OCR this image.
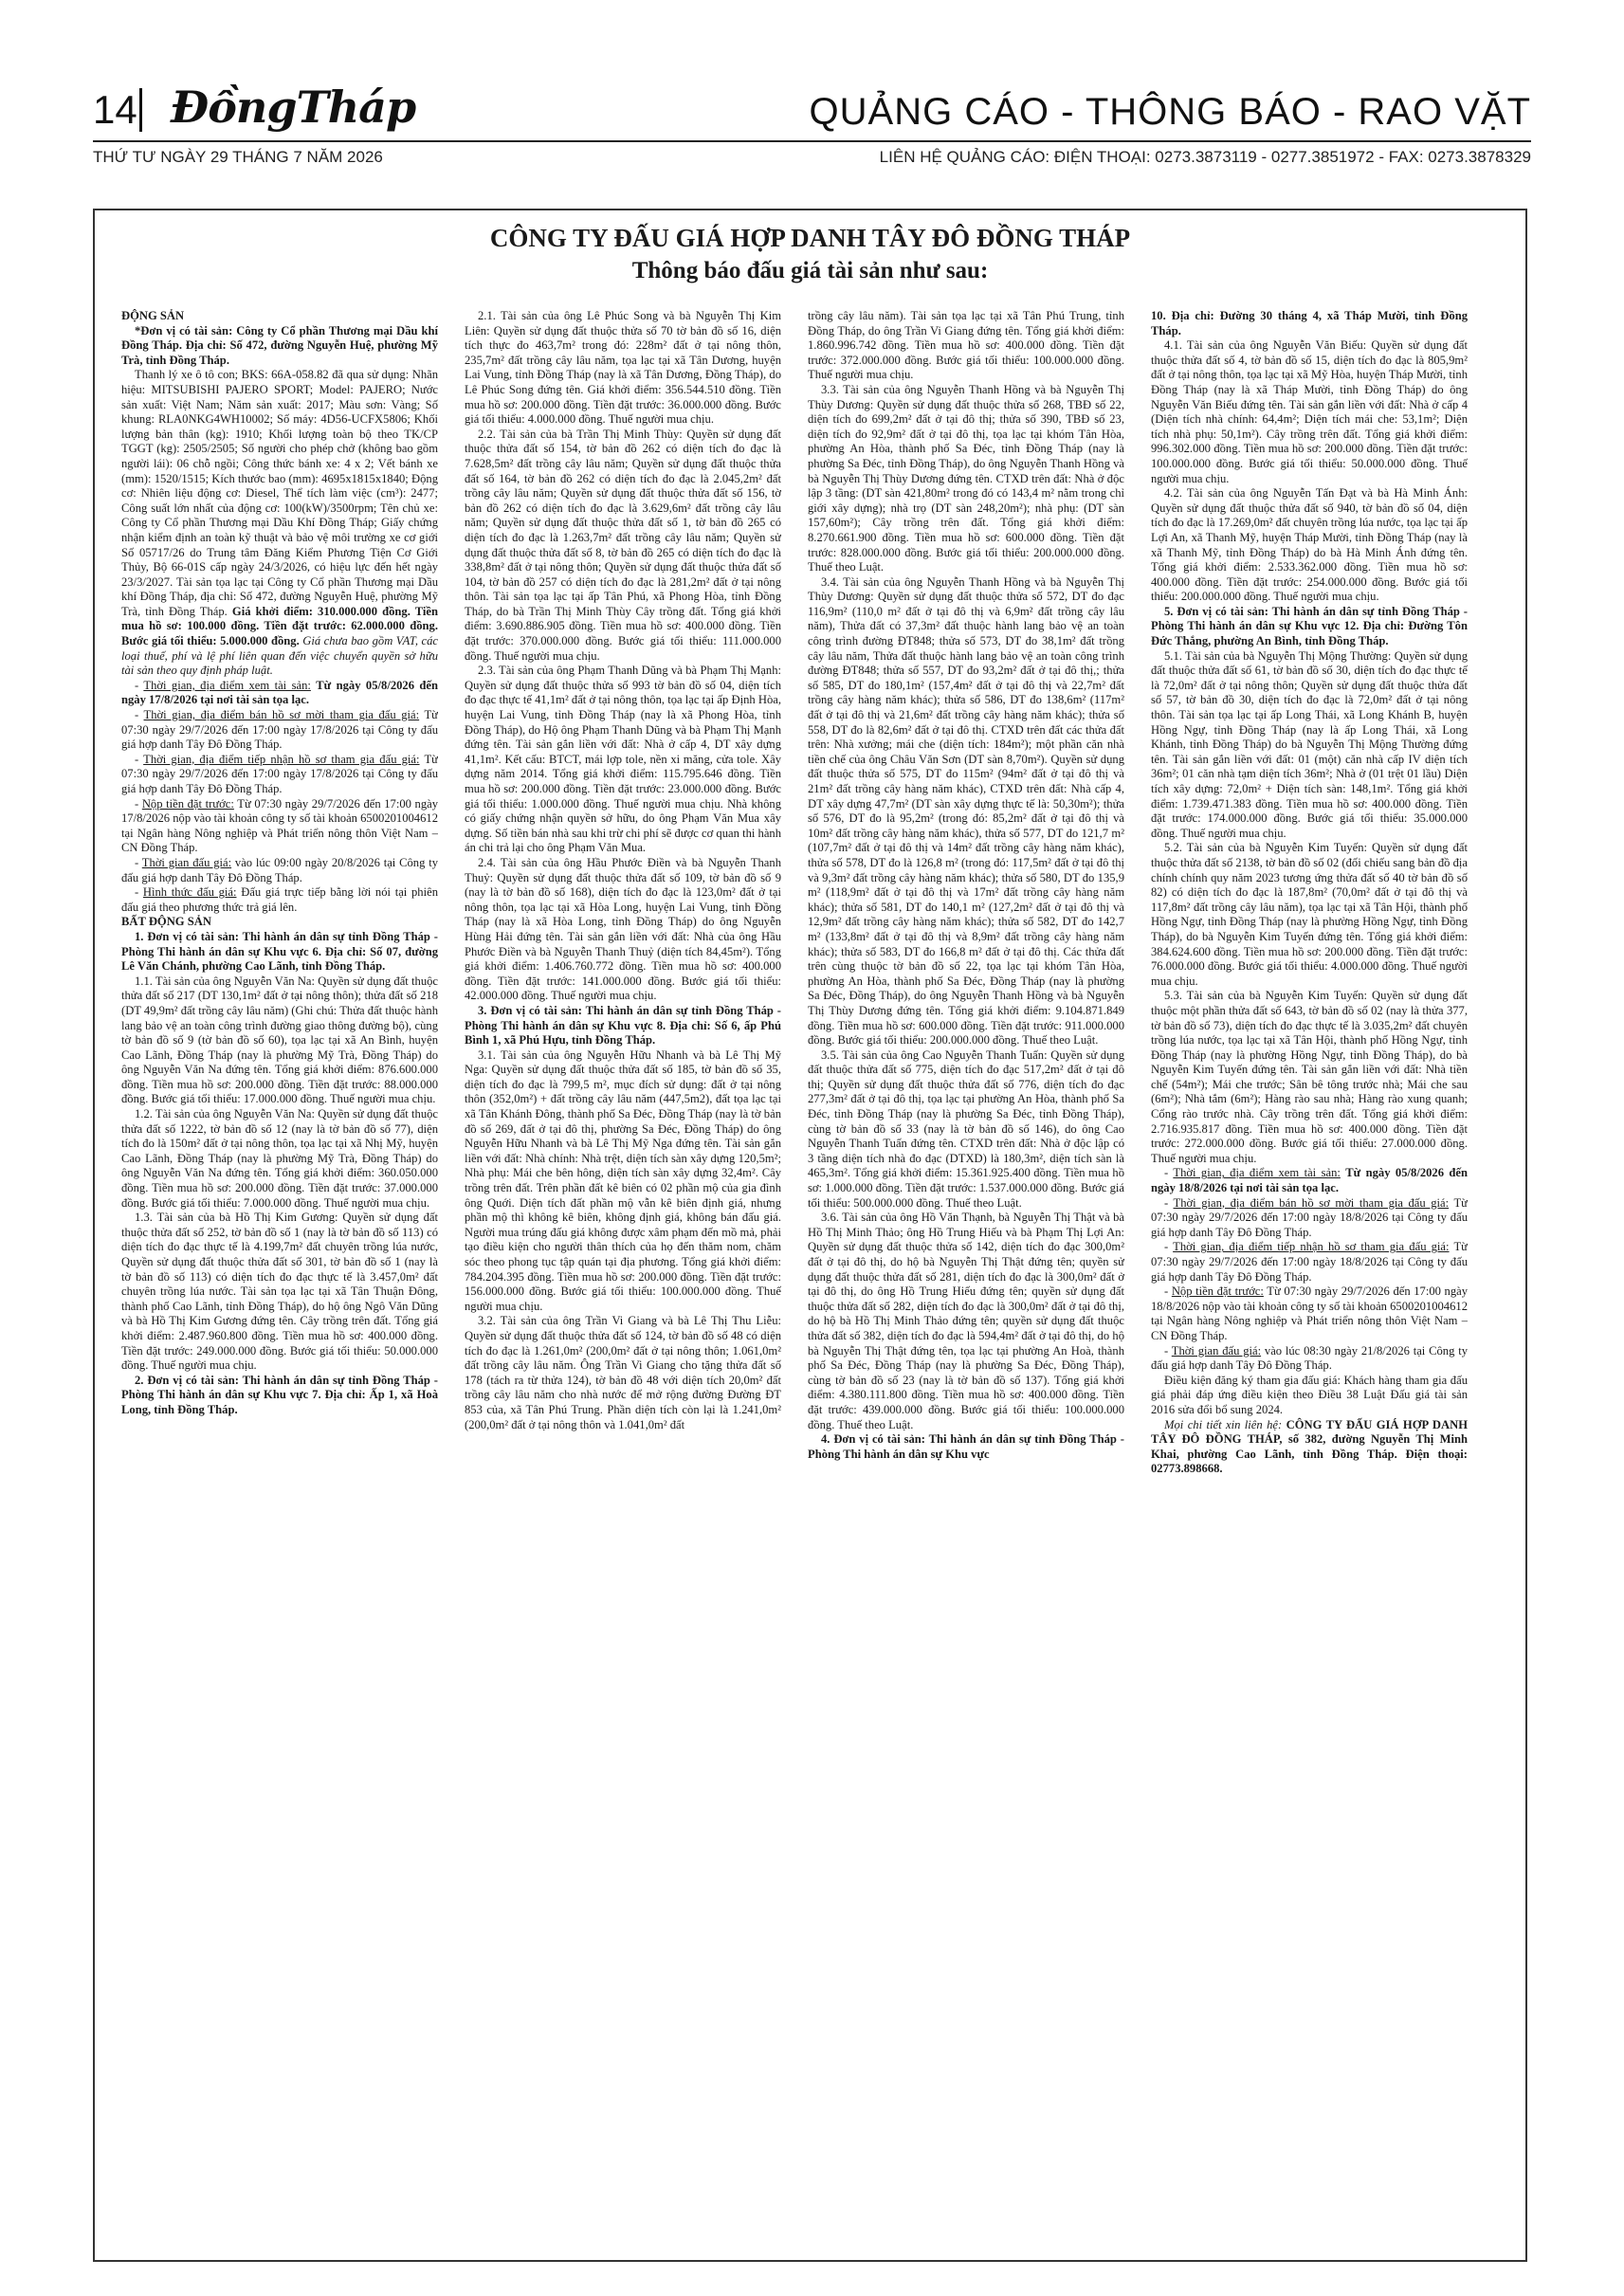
14 ĐồngTháp	QUẢNG CÁO - THÔNG BÁO - RAO VẶT
THỨ TƯ NGÀY 29 THÁNG 7 NĂM 2026	LIÊN HỆ QUẢNG CÁO: ĐIỆN THOẠI: 0273.3873119 - 0277.3851972 - FAX: 0273.3878329
CÔNG TY ĐẤU GIÁ HỢP DANH TÂY ĐÔ ĐỒNG THÁP
Thông báo đấu giá tài sản như sau:

ĐỘNG SẢN

*Đơn vị có tài sản: Công ty Cổ phần Thương mại Dầu khí Đồng Tháp. Địa chỉ: Số 472, đường Nguyễn Huệ, phường Mỹ Trà, tỉnh Đồng Tháp.

Thanh lý xe ô tô con; BKS: 66A-058.82 đã qua sử dụng: Nhãn hiệu: MITSUBISHI PAJERO SPORT; Model: PAJERO; Nước sản xuất: Việt Nam; Năm sản xuất: 2017; Màu sơn: Vàng; Số khung: RLA0NKG4WH10002; Số máy: 4D56-UCFX5806; Khối lượng bản thân (kg): 1910; Khối lượng toàn bộ theo TK/CP TGGT (kg): 2505/2505; Số người cho phép chở (không bao gồm người lái): 06 chỗ ngồi; Công thức bánh xe: 4 x 2; Vết bánh xe (mm): 1520/1515; Kích thước bao (mm): 4695x1815x1840; Động cơ: Nhiên liệu động cơ: Diesel, Thể tích làm việc (cm³): 2477; Công suất lớn nhất của động cơ: 100(kW)/3500rpm; Tên chủ xe: Công ty Cổ phần Thương mại Dầu Khí Đồng Tháp; Giấy chứng nhận kiểm định an toàn kỹ thuật và bảo vệ môi trường xe cơ giới Số 05717/26 do Trung tâm Đăng Kiểm Phương Tiện Cơ Giới Thủy, Bộ 66-01S cấp ngày 24/3/2026, có hiệu lực đến hết ngày 23/3/2027. Tài sản tọa lạc tại Công ty Cổ phần Thương mại Dầu khí Đồng Tháp, địa chỉ: Số 472, đường Nguyễn Huệ, phường Mỹ Trà, tỉnh Đồng Tháp. Giá khởi điểm: 310.000.000 đồng. Tiền mua hồ sơ: 100.000 đồng. Tiền đặt trước: 62.000.000 đồng. Bước giá tối thiểu: 5.000.000 đồng. Giá chưa bao gồm VAT, các loại thuế, phí và lệ phí liên quan đến việc chuyển quyền sở hữu tài sản theo quy định pháp luật.

- Thời gian, địa điểm xem tài sản: Từ ngày 05/8/2026 đến ngày 17/8/2026 tại nơi tài sản tọa lạc.

- Thời gian, địa điểm bán hồ sơ mời tham gia đấu giá: Từ 07:30 ngày 29/7/2026 đến 17:00 ngày 17/8/2026 tại Công ty đấu giá hợp danh Tây Đô Đồng Tháp.

- Thời gian, địa điểm tiếp nhận hồ sơ tham gia đấu giá: Từ 07:30 ngày 29/7/2026 đến 17:00 ngày 17/8/2026 tại Công ty đấu giá hợp danh Tây Đô Đồng Tháp.

- Nộp tiền đặt trước: Từ 07:30 ngày 29/7/2026 đến 17:00 ngày 17/8/2026 nộp vào tài khoản công ty số tài khoản 6500201004612 tại Ngân hàng Nông nghiệp và Phát triển nông thôn Việt Nam – CN Đồng Tháp.

- Thời gian đấu giá: vào lúc 09:00 ngày 20/8/2026 tại Công ty đấu giá hợp danh Tây Đô Đồng Tháp.

- Hình thức đấu giá: Đấu giá trực tiếp bằng lời nói tại phiên đấu giá theo phương thức trả giá lên.

BẤT ĐỘNG SẢN

1. Đơn vị có tài sản: Thi hành án dân sự tỉnh Đồng Tháp - Phòng Thi hành án dân sự Khu vực 6. Địa chỉ: Số 07, đường Lê Văn Chánh, phường Cao Lãnh, tỉnh Đồng Tháp.

1.1. Tài sản của ông Nguyễn Văn Na: Quyền sử dụng đất thuộc thửa đất số 217 (DT 130,1m² đất ở tại nông thôn); thửa đất số 218 (DT 49,9m² đất trồng cây lâu năm) (Ghi chú: Thửa đất thuộc hành lang bảo vệ an toàn công trình đường giao thông đường bộ), cùng tờ bản đồ số 9 (tờ bản đồ số 60), tọa lạc tại xã An Bình, huyện Cao Lãnh, Đồng Tháp (nay là phường Mỹ Trà, Đồng Tháp) do ông Nguyễn Văn Na đứng tên. Tổng giá khởi điểm: 876.600.000 đồng. Tiền mua hồ sơ: 200.000 đồng. Tiền đặt trước: 88.000.000 đồng. Bước giá tối thiểu: 17.000.000 đồng. Thuế người mua chịu.

1.2. Tài sản của ông Nguyễn Văn Na: Quyền sử dụng đất thuộc thửa đất số 1222, tờ bản đồ số 12 (nay là tờ bản đồ số 77), diện tích đo là 150m² đất ở tại nông thôn, tọa lạc tại xã Nhị Mỹ, huyện Cao Lãnh, Đồng Tháp (nay là phường Mỹ Trà, Đồng Tháp) do ông Nguyễn Văn Na đứng tên. Tổng giá khởi điểm: 360.050.000 đồng. Tiền mua hồ sơ: 200.000 đồng. Tiền đặt trước: 37.000.000 đồng. Bước giá tối thiểu: 7.000.000 đồng. Thuế người mua chịu.

1.3. Tài sản của bà Hồ Thị Kim Gương: Quyền sử dụng đất thuộc thửa đất số 252, tờ bản đồ số 1 (nay là tờ bản đồ số 113) có diện tích đo đạc thực tế là 4.199,7m² đất chuyên trồng lúa nước, Quyền sử dụng đất thuộc thửa đất số 301, tờ bản đồ số 1 (nay là tờ bản đồ số 113) có diện tích đo đạc thực tế là 3.457,0m² đất chuyên trồng lúa nước. Tài sản tọa lạc tại xã Tân Thuận Đông, thành phố Cao Lãnh, tỉnh Đồng Tháp), do hộ ông Ngô Văn Dũng và bà Hồ Thị Kim Gương đứng tên. Cây trồng trên đất. Tổng giá khởi điểm: 2.487.960.800 đồng. Tiền mua hồ sơ: 400.000 đồng. Tiền đặt trước: 249.000.000 đồng. Bước giá tối thiểu: 50.000.000 đồng. Thuế người mua chịu.

2. Đơn vị có tài sản: Thi hành án dân sự tỉnh Đồng Tháp - Phòng Thi hành án dân sự Khu vực 7. Địa chỉ: Ấp 1, xã Hoà Long, tỉnh Đồng Tháp.

2.1. Tài sản của ông Lê Phúc Song và bà Nguyễn Thị Kim Liên: Quyền sử dụng đất thuộc thửa số 70 tờ bản đồ số 16, diện tích thực đo 463,7m² trong đó: 228m² đất ở tại nông thôn, 235,7m² đất trồng cây lâu năm, tọa lạc tại xã Tân Dương, huyện Lai Vung, tỉnh Đồng Tháp (nay là xã Tân Dương, Đồng Tháp), do Lê Phúc Song đứng tên. Giá khởi điểm: 356.544.510 đồng. Tiền mua hồ sơ: 200.000 đồng. Tiền đặt trước: 36.000.000 đồng. Bước giá tối thiểu: 4.000.000 đồng. Thuế người mua chịu.

2.2. Tài sản của bà Trần Thị Minh Thùy: Quyền sử dụng đất thuộc thửa đất số 154, tờ bản đồ 262 có diện tích đo đạc là 7.628,5m² đất trồng cây lâu năm; Quyền sử dụng đất thuộc thửa đất số 164, tờ bản đồ 262 có diện tích đo đạc là 2.045,2m² đất trồng cây lâu năm; Quyền sử dụng đất thuộc thửa đất số 156, tờ bản đồ 262 có diện tích đo đạc là 3.629,6m² đất trồng cây lâu năm; Quyền sử dụng đất thuộc thửa đất số 1, tờ bản đồ 265 có diện tích đo đạc là 1.263,7m² đất trồng cây lâu năm; Quyền sử dụng đất thuộc thửa đất số 8, tờ bản đồ 265 có diện tích đo đạc là 338,8m² đất ở tại nông thôn; Quyền sử dụng đất thuộc thửa đất số 104, tờ bản đồ 257 có diện tích đo đạc là 281,2m² đất ở tại nông thôn. Tài sản tọa lạc tại ấp Tân Phú, xã Phong Hòa, tỉnh Đồng Tháp, do bà Trần Thị Minh Thùy Cây trồng đất. Tổng giá khởi điểm: 3.690.886.905 đồng. Tiền mua hồ sơ: 400.000 đồng. Tiền đặt trước: 370.000.000 đồng. Bước giá tối thiểu: 111.000.000 đồng. Thuế người mua chịu.

2.3. Tài sản của ông Phạm Thanh Dũng và bà Phạm Thị Mạnh: Quyền sử dụng đất thuộc thửa số 993 tờ bản đồ số 04, diện tích đo đạc thực tế 41,1m² đất ở tại nông thôn, tọa lạc tại ấp Định Hòa, huyện Lai Vung, tỉnh Đồng Tháp (nay là xã Phong Hòa, tỉnh Đồng Tháp), do Hộ ông Phạm Thanh Dũng và bà Phạm Thị Mạnh đứng tên. Tài sản gắn liền với đất: Nhà ở cấp 4, DT xây dựng 41,1m². Kết cấu: BTCT, mái lợp tole, nền xi măng, cửa tole. Xây dựng năm 2014. Tổng giá khởi điểm: 115.795.646 đồng. Tiền mua hồ sơ: 200.000 đồng. Tiền đặt trước: 23.000.000 đồng. Bước giá tối thiểu: 1.000.000 đồng. Thuế người mua chịu. Nhà không có giấy chứng nhận quyền sở hữu, do ông Phạm Văn Mua xây dựng. Số tiền bán nhà sau khi trừ chi phí sẽ được cơ quan thi hành án chi trả lại cho ông Phạm Văn Mua.

2.4. Tài sản của ông Hầu Phước Điền và bà Nguyễn Thanh Thuỷ: Quyền sử dụng đất thuộc thửa đất số 109, tờ bản đồ số 9 (nay là tờ bản đồ số 168), diện tích đo đạc là 123,0m² đất ở tại nông thôn, tọa lạc tại xã Hòa Long, huyện Lai Vung, tỉnh Đồng Tháp (nay là xã Hòa Long, tỉnh Đồng Tháp) do ông Nguyễn Hùng Hải đứng tên. Tài sản gắn liền với đất: Nhà của ông Hầu Phước Điền và bà Nguyễn Thanh Thuỷ (diện tích 84,45m²). Tổng giá khởi điểm: 1.406.760.772 đồng. Tiền mua hồ sơ: 400.000 đồng. Tiền đặt trước: 141.000.000 đồng. Bước giá tối thiểu: 42.000.000 đồng. Thuế người mua chịu.

3. Đơn vị có tài sản: Thi hành án dân sự tỉnh Đồng Tháp - Phòng Thi hành án dân sự Khu vực 8. Địa chỉ: Số 6, ấp Phú Bình 1, xã Phú Hựu, tỉnh Đồng Tháp.

3.1. Tài sản của ông Nguyễn Hữu Nhanh và bà Lê Thị Mỹ Nga: Quyền sử dụng đất thuộc thửa đất số 185, tờ bản đồ số 35, diện tích đo đạc là 799,5 m², mục đích sử dụng: đất ở tại nông thôn (352,0m²) + đất trồng cây lâu năm (447,5m2), đất tọa lạc tại xã Tân Khánh Đông, thành phố Sa Đéc, Đồng Tháp (nay là tờ bản đồ số 269, đất ở tại đô thị, phường Sa Đéc, Đồng Tháp) do ông Nguyễn Hữu Nhanh và bà Lê Thị Mỹ Nga đứng tên. Tài sản gắn liền với đất: Nhà chính: Nhà trệt, diện tích sàn xây dựng 120,5m²; Nhà phụ: Mái che bên hông, diện tích sàn xây dựng 32,4m². Cây trồng trên đất. Trên phần đất kê biên có 02 phần mộ của gia đình ông Quới. Diện tích đất phần mộ vẫn kê biên định giá, nhưng phần mộ thì không kê biên, không định giá, không bán đấu giá. Người mua trúng đấu giá không được xâm phạm đến mồ mả, phải tạo điều kiện cho người thân thích của họ đến thăm nom, chăm sóc theo phong tục tập quán tại địa phương. Tổng giá khởi điểm: 784.204.395 đồng. Tiền mua hồ sơ: 200.000 đồng. Tiền đặt trước: 156.000.000 đồng. Bước giá tối thiểu: 100.000.000 đồng. Thuế người mua chịu.

3.2. Tài sản của ông Trần Vi Giang và bà Lê Thị Thu Liễu: Quyền sử dụng đất thuộc thửa đất số 124, tờ bản đồ số 48 có diện tích đo đạc là 1.261,0m² (200,0m² đất ở tại nông thôn; 1.061,0m² đất trồng cây lâu năm. Ông Trần Vi Giang cho tặng thửa đất số 178 (tách ra từ thửa 124), tờ bản đồ 48 với diện tích 20,0m² đất trồng cây lâu năm cho nhà nước để mở rộng đường Đường ĐT 853 của, xã Tân Phú Trung. Phần diện tích còn lại là 1.241,0m² (200,0m² đất ở tại nông thôn và 1.041,0m² đất

trồng cây lâu năm). Tài sản tọa lạc tại xã Tân Phú Trung, tỉnh Đồng Tháp, do ông Trần Vi Giang đứng tên. Tổng giá khởi điểm: 1.860.996.742 đồng. Tiền mua hồ sơ: 400.000 đồng. Tiền đặt trước: 372.000.000 đồng. Bước giá tối thiểu: 100.000.000 đồng. Thuế người mua chịu.

3.3. Tài sản của ông Nguyễn Thanh Hồng và bà Nguyễn Thị Thùy Dương: Quyền sử dụng đất thuộc thửa số 268, TBĐ số 22, diện tích đo 699,2m² đất ở tại đô thị; thửa số 390, TBĐ số 23, diện tích đo 92,9m² đất ở tại đô thị, tọa lạc tại khóm Tân Hòa, phường An Hòa, thành phố Sa Đéc, tỉnh Đồng Tháp (nay là phường Sa Đéc, tỉnh Đồng Tháp), do ông Nguyễn Thanh Hồng và bà Nguyễn Thị Thùy Dương đứng tên. CTXD trên đất: Nhà ở độc lập 3 tầng: (DT sàn 421,80m² trong đó có 143,4 m² nằm trong chỉ giới xây dựng); nhà trọ (DT sàn 248,20m²); nhà phụ: (DT sàn 157,60m²); Cây trồng trên đất. Tổng giá khởi điểm: 8.270.661.900 đồng. Tiền mua hồ sơ: 600.000 đồng. Tiền đặt trước: 828.000.000 đồng. Bước giá tối thiểu: 200.000.000 đồng. Thuế theo Luật.

3.4. Tài sản của ông Nguyễn Thanh Hồng và bà Nguyễn Thị Thùy Dương: Quyền sử dụng đất thuộc thửa số 572, DT đo đạc 116,9m² (110,0 m² đất ở tại đô thị và 6,9m² đất trồng cây lâu năm), Thửa đất có 37,3m² đất thuộc hành lang bảo vệ an toàn công trình đường ĐT848; thửa số 573, DT đo 38,1m² đất trồng cây lâu năm, Thửa đất thuộc hành lang bảo vệ an toàn công trình đường ĐT848; thửa số 557, DT đo 93,2m² đất ở tại đô thị,; thửa số 585, DT đo 180,1m² (157,4m² đất ở tại đô thị và 22,7m² đất trồng cây hàng năm khác); thửa số 586, DT đo 138,6m² (117m² đất ở tại đô thị và 21,6m² đất trồng cây hàng năm khác); thửa số 558, DT đo là 82,6m² đất ở tại đô thị. CTXD trên đất các thửa đất trên: Nhà xưởng; mái che (diện tích: 184m²); một phần căn nhà tiền chế của ông Châu Văn Sơn (DT sàn 8,70m²). Quyền sử dụng đất thuộc thửa số 575, DT đo 115m² (94m² đất ở tại đô thị và 21m² đất trồng cây hàng năm khác), CTXD trên đất: Nhà cấp 4, DT xây dựng 47,7m² (DT sàn xây dựng thực tế là: 50,30m²); thửa số 576, DT đo là 95,2m² (trong đó: 85,2m² đất ở tại đô thị và 10m² đất trồng cây hàng năm khác), thửa số 577, DT đo 121,7 m² (107,7m² đất ở tại đô thị và 14m² đất trồng cây hàng năm khác), thửa số 578, DT đo là 126,8 m² (trong đó: 117,5m² đất ở tại đô thị và 9,3m² đất trồng cây hàng năm khác); thửa số 580, DT đo 135,9 m² (118,9m² đất ở tại đô thị và 17m² đất trồng cây hàng năm khác); thửa số 581, DT đo 140,1 m² (127,2m² đất ở tại đô thị và 12,9m² đất trồng cây hàng năm khác); thửa số 582, DT đo 142,7 m² (133,8m² đất ở tại đô thị và 8,9m² đất trồng cây hàng năm khác); thửa số 583, DT đo 166,8 m² đất ở tại đô thị. Các thửa đất trên cùng thuộc tờ bản đồ số 22, tọa lạc tại khóm Tân Hòa, phường An Hòa, thành phố Sa Đéc, Đồng Tháp (nay là phường Sa Đéc, Đồng Tháp), do ông Nguyễn Thanh Hồng và bà Nguyễn Thị Thùy Dương đứng tên. Tổng giá khởi điểm: 9.104.871.849 đồng. Tiền mua hồ sơ: 600.000 đồng. Tiền đặt trước: 911.000.000 đồng. Bước giá tối thiểu: 200.000.000 đồng. Thuế theo Luật.

3.5. Tài sản của ông Cao Nguyễn Thanh Tuấn: Quyền sử dụng đất thuộc thửa đất số 775, diện tích đo đạc 517,2m² đất ở tại đô thị; Quyền sử dụng đất thuộc thửa đất số 776, diện tích đo đạc 277,3m² đất ở tại đô thị, tọa lạc tại phường An Hòa, thành phố Sa Đéc, tỉnh Đồng Tháp (nay là phường Sa Đéc, tỉnh Đồng Tháp), cùng tờ bản đồ số 33 (nay là tờ bản đồ số 146), do ông Cao Nguyễn Thanh Tuấn đứng tên. CTXD trên đất: Nhà ở độc lập có 3 tầng diện tích nhà đo đạc (DTXD) là 180,3m², diện tích sàn là 465,3m². Tổng giá khởi điểm: 15.361.925.400 đồng. Tiền mua hồ sơ: 1.000.000 đồng. Tiền đặt trước: 1.537.000.000 đồng. Bước giá tối thiểu: 500.000.000 đồng. Thuế theo Luật.

3.6. Tài sản của ông Hồ Văn Thạnh, bà Nguyễn Thị Thật và bà Hồ Thị Minh Thảo; ông Hồ Trung Hiếu và bà Phạm Thị Lợi An: Quyền sử dụng đất thuộc thửa số 142, diện tích đo đạc 300,0m² đất ở tại đô thị, do hộ bà Nguyễn Thị Thật đứng tên; quyền sử dụng đất thuộc thửa đất số 281, diện tích đo đạc là 300,0m² đất ở tại đô thị, do ông Hồ Trung Hiếu đứng tên; quyền sử dụng đất thuộc thửa đất số 282, diện tích đo đạc là 300,0m² đất ở tại đô thị, do hộ bà Hồ Thị Minh Thảo đứng tên; quyền sử dụng đất thuộc thửa đất số 382, diện tích đo đạc là 594,4m² đất ở tại đô thị, do hộ bà Nguyễn Thị Thật đứng tên, tọa lạc tại phường An Hoà, thành phố Sa Đéc, Đồng Tháp (nay là phường Sa Đéc, Đồng Tháp), cùng tờ bản đồ số 23 (nay là tờ bản đồ số 137). Tổng giá khởi điểm: 4.380.111.800 đồng. Tiền mua hồ sơ: 400.000 đồng. Tiền đặt trước: 439.000.000 đồng. Bước giá tối thiểu: 100.000.000 đồng. Thuế theo Luật.

4. Đơn vị có tài sản: Thi hành án dân sự tỉnh Đồng Tháp - Phòng Thi hành án dân sự Khu vực

10. Địa chỉ: Đường 30 tháng 4, xã Tháp Mười, tỉnh Đồng Tháp.

4.1. Tài sản của ông Nguyễn Văn Biếu: Quyền sử dụng đất thuộc thửa đất số 4, tờ bản đồ số 15, diện tích đo đạc là 805,9m² đất ở tại nông thôn, tọa lạc tại xã Mỹ Hòa, huyện Tháp Mười, tỉnh Đồng Tháp (nay là xã Tháp Mười, tỉnh Đồng Tháp) do ông Nguyễn Văn Biếu đứng tên. Tài sản gắn liền với đất: Nhà ở cấp 4 (Diện tích nhà chính: 64,4m²; Diện tích mái che: 53,1m²; Diện tích nhà phụ: 50,1m²). Cây trồng trên đất. Tổng giá khởi điểm: 996.302.000 đồng. Tiền mua hồ sơ: 200.000 đồng. Tiền đặt trước: 100.000.000 đồng. Bước giá tối thiểu: 50.000.000 đồng. Thuế người mua chịu.

4.2. Tài sản của ông Nguyễn Tấn Đạt và bà Hà Minh Ánh: Quyền sử dụng đất thuộc thửa đất số 940, tờ bản đồ số 04, diện tích đo đạc là 17.269,0m² đất chuyên trồng lúa nước, tọa lạc tại ấp Lợi An, xã Thanh Mỹ, huyện Tháp Mười, tỉnh Đồng Tháp (nay là xã Thanh Mỹ, tỉnh Đồng Tháp) do bà Hà Minh Ánh đứng tên. Tổng giá khởi điểm: 2.533.362.000 đồng. Tiền mua hồ sơ: 400.000 đồng. Tiền đặt trước: 254.000.000 đồng. Bước giá tối thiểu: 200.000.000 đồng. Thuế người mua chịu.

5. Đơn vị có tài sản: Thi hành án dân sự tỉnh Đồng Tháp - Phòng Thi hành án dân sự Khu vực 12. Địa chỉ: Đường Tôn Đức Thắng, phường An Bình, tỉnh Đồng Tháp.

5.1. Tài sản của bà Nguyễn Thị Mộng Thường: Quyền sử dụng đất thuộc thửa đất số 61, tờ bản đồ số 30, diện tích đo đạc thực tế là 72,0m² đất ở tại nông thôn; Quyền sử dụng đất thuộc thửa đất số 57, tờ bản đồ 30, diện tích đo đạc là 72,0m² đất ở tại nông thôn. Tài sản tọa lạc tại ấp Long Thái, xã Long Khánh B, huyện Hồng Ngự, tỉnh Đồng Tháp (nay là ấp Long Thái, xã Long Khánh, tỉnh Đồng Tháp) do bà Nguyễn Thị Mộng Thường đứng tên. Tài sản gắn liền với đất: 01 (một) căn nhà cấp IV diện tích 36m²; 01 căn nhà tạm diện tích 36m²; Nhà ở (01 trệt 01 lầu) Diện tích xây dựng: 72,0m² + Diện tích sàn: 148,1m². Tổng giá khởi điểm: 1.739.471.383 đồng. Tiền mua hồ sơ: 400.000 đồng. Tiền đặt trước: 174.000.000 đồng. Bước giá tối thiểu: 35.000.000 đồng. Thuế người mua chịu.

5.2. Tài sản của bà Nguyễn Kim Tuyến: Quyền sử dụng đất thuộc thửa đất số 2138, tờ bản đồ số 02 (đối chiếu sang bản đồ địa chính chính quy năm 2023 tương ứng thửa đất số 40 tờ bản đồ số 82) có diện tích đo đạc là 187,8m² (70,0m² đất ở tại đô thị và 117,8m² đất trồng cây lâu năm), tọa lạc tại xã Tân Hội, thành phố Hồng Ngự, tỉnh Đồng Tháp (nay là phường Hồng Ngự, tỉnh Đồng Tháp), do bà Nguyễn Kim Tuyến đứng tên. Tổng giá khởi điểm: 384.624.600 đồng. Tiền mua hồ sơ: 200.000 đồng. Tiền đặt trước: 76.000.000 đồng. Bước giá tối thiểu: 4.000.000 đồng. Thuế người mua chịu.

5.3. Tài sản của bà Nguyễn Kim Tuyến: Quyền sử dụng đất thuộc một phần thửa đất số 643, tờ bản đồ số 02 (nay là thửa 377, tờ bản đồ số 73), diện tích đo đạc thực tế là 3.035,2m² đất chuyên trồng lúa nước, tọa lạc tại xã Tân Hội, thành phố Hồng Ngự, tỉnh Đồng Tháp (nay là phường Hồng Ngự, tỉnh Đồng Tháp), do bà Nguyễn Kim Tuyến đứng tên. Tài sản gắn liền với đất: Nhà tiền chế (54m²); Mái che trước; Sân bê tông trước nhà; Mái che sau (6m²); Nhà tắm (6m²); Hàng rào sau nhà; Hàng rào xung quanh; Cổng rào trước nhà. Cây trồng trên đất. Tổng giá khởi điểm: 2.716.935.817 đồng. Tiền mua hồ sơ: 400.000 đồng. Tiền đặt trước: 272.000.000 đồng. Bước giá tối thiểu: 27.000.000 đồng. Thuế người mua chịu.

- Thời gian, địa điểm xem tài sản: Từ ngày 05/8/2026 đến ngày 18/8/2026 tại nơi tài sản tọa lạc.

- Thời gian, địa điểm bán hồ sơ mời tham gia đấu giá: Từ 07:30 ngày 29/7/2026 đến 17:00 ngày 18/8/2026 tại Công ty đấu giá hợp danh Tây Đô Đồng Tháp.

- Thời gian, địa điểm tiếp nhận hồ sơ tham gia đấu giá: Từ 07:30 ngày 29/7/2026 đến 17:00 ngày 18/8/2026 tại Công ty đấu giá hợp danh Tây Đô Đồng Tháp.

- Nộp tiền đặt trước: Từ 07:30 ngày 29/7/2026 đến 17:00 ngày 18/8/2026 nộp vào tài khoản công ty số tài khoản 6500201004612 tại Ngân hàng Nông nghiệp và Phát triển nông thôn Việt Nam – CN Đồng Tháp.

- Thời gian đấu giá: vào lúc 08:30 ngày 21/8/2026 tại Công ty đấu giá hợp danh Tây Đô Đồng Tháp.

Điều kiện đăng ký tham gia đấu giá: Khách hàng tham gia đấu giá phải đáp ứng điều kiện theo Điều 38 Luật Đấu giá tài sản 2016 sửa đổi bổ sung 2024.

Mọi chi tiết xin liên hệ: CÔNG TY ĐẤU GIÁ HỢP DANH TÂY ĐÔ ĐỒNG THÁP, số 382, đường Nguyễn Thị Minh Khai, phường Cao Lãnh, tỉnh Đồng Tháp. Điện thoại: 02773.898668.
